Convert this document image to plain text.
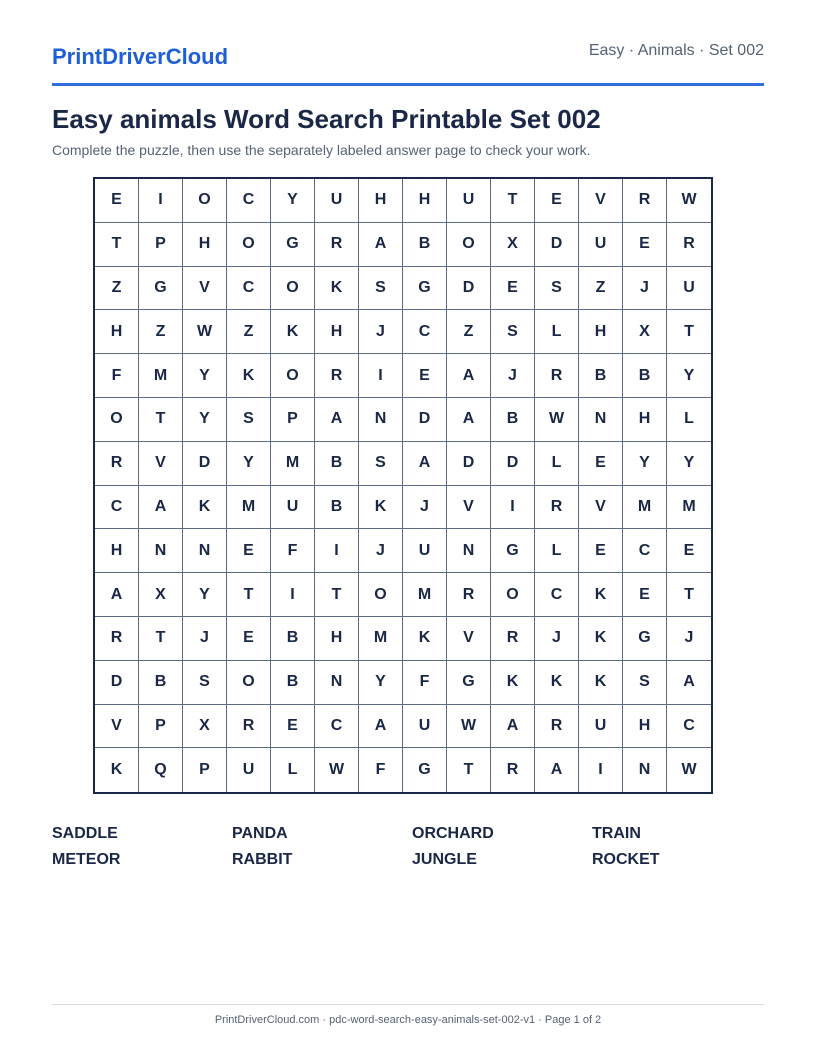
PrintDriverCloud	Easy · Animals · Set 002
Easy animals Word Search Printable Set 002

Complete the puzzle, then use the separately labeled answer page to check your work.

E	I	O	C	Y	U	H	H	U	T	E	V	R	W
T	P	H	O	G	R	A	B	O	X	D	U	E	R
Z	G	V	C	O	K	S	G	D	E	S	Z	J	U
H	Z	W	Z	K	H	J	C	Z	S	L	H	X	T
F	M	Y	K	O	R	I	E	A	J	R	B	B	Y
O	T	Y	S	P	A	N	D	A	B	W	N	H	L
R	V	D	Y	M	B	S	A	D	D	L	E	Y	Y
C	A	K	M	U	B	K	J	V	I	R	V	M	M
H	N	N	E	F	I	J	U	N	G	L	E	C	E
A	X	Y	T	I	T	O	M	R	O	C	K	E	T
R	T	J	E	B	H	M	K	V	R	J	K	G	J
D	B	S	O	B	N	Y	F	G	K	K	K	S	A
V	P	X	R	E	C	A	U	W	A	R	U	H	C
K	Q	P	U	L	W	F	G	T	R	A	I	N	W
SADDLE	PANDA	ORCHARD	TRAIN
METEOR	RABBIT	JUNGLE	ROCKET
PrintDriverCloud.com · pdc-word-search-easy-animals-set-002-v1 · Page 1 of 2
